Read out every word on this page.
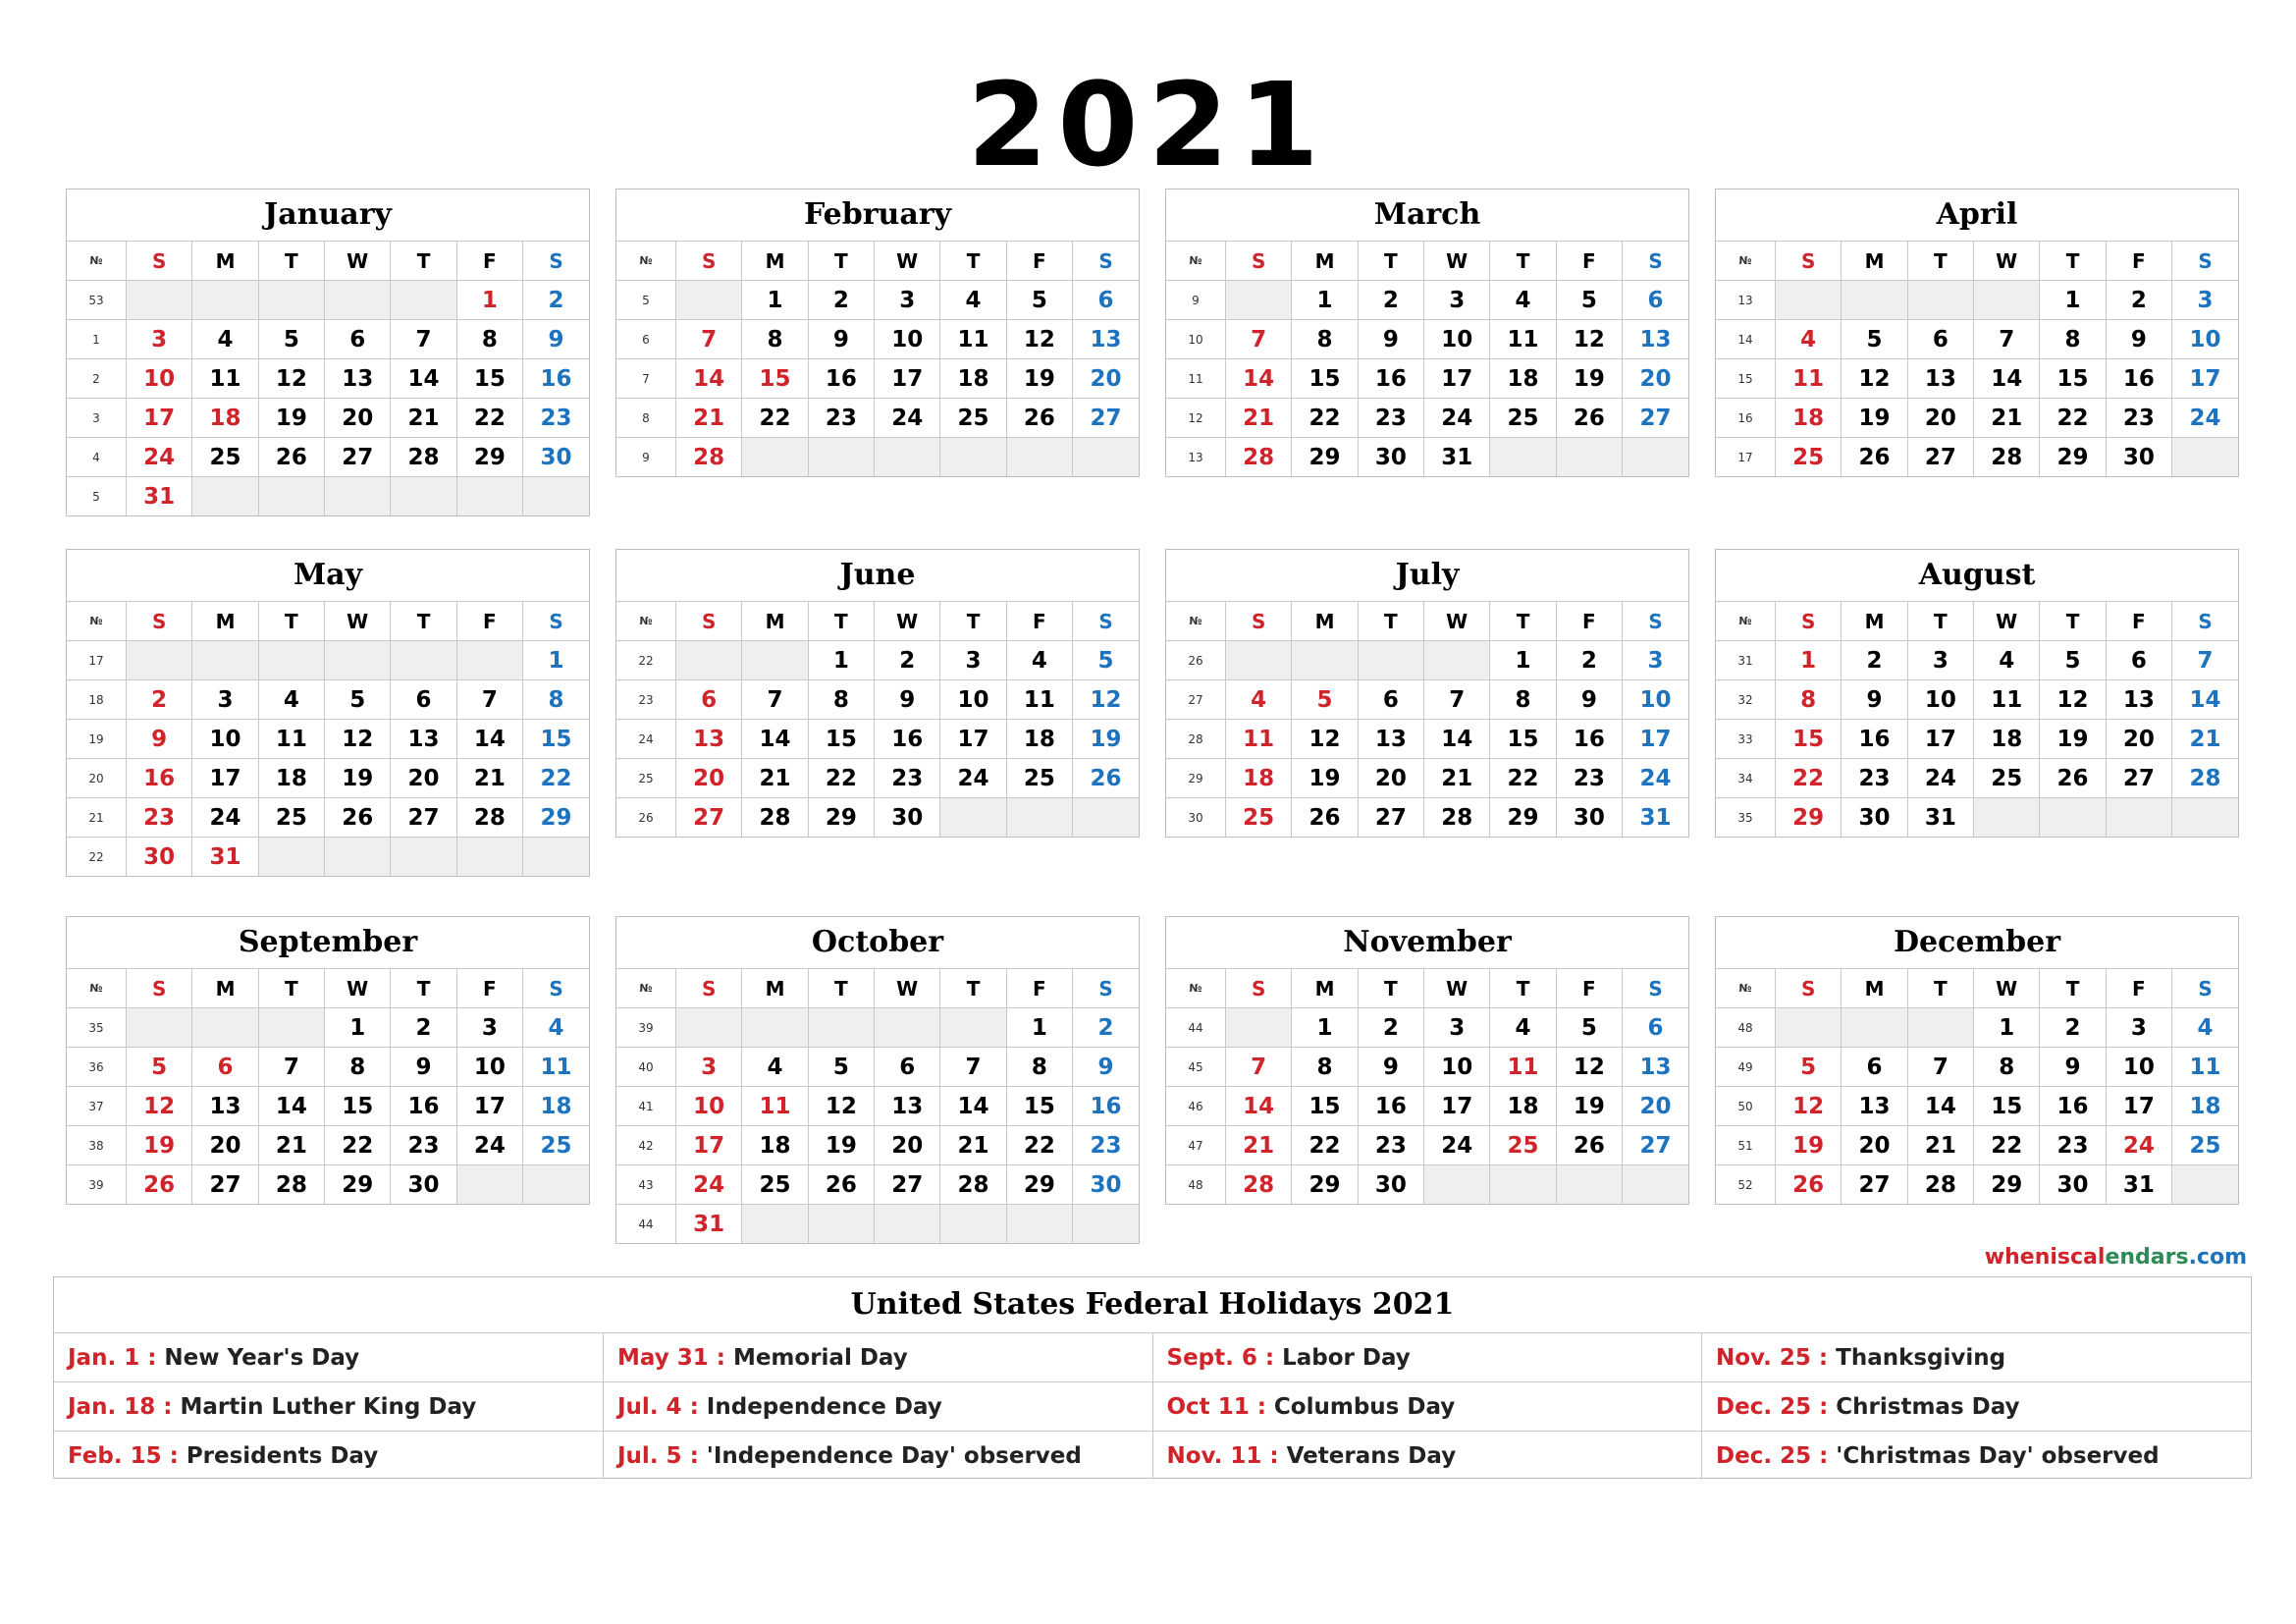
2021
January
№	S	M	T	W	T	F	S
53						1	2
1	3	4	5	6	7	8	9
2	10	11	12	13	14	15	16
3	17	18	19	20	21	22	23
4	24	25	26	27	28	29	30
5	31						
February
№	S	M	T	W	T	F	S
5		1	2	3	4	5	6
6	7	8	9	10	11	12	13
7	14	15	16	17	18	19	20
8	21	22	23	24	25	26	27
9	28						
March
№	S	M	T	W	T	F	S
9		1	2	3	4	5	6
10	7	8	9	10	11	12	13
11	14	15	16	17	18	19	20
12	21	22	23	24	25	26	27
13	28	29	30	31			
April
№	S	M	T	W	T	F	S
13					1	2	3
14	4	5	6	7	8	9	10
15	11	12	13	14	15	16	17
16	18	19	20	21	22	23	24
17	25	26	27	28	29	30	
May
№	S	M	T	W	T	F	S
17							1
18	2	3	4	5	6	7	8
19	9	10	11	12	13	14	15
20	16	17	18	19	20	21	22
21	23	24	25	26	27	28	29
22	30	31					
June
№	S	M	T	W	T	F	S
22			1	2	3	4	5
23	6	7	8	9	10	11	12
24	13	14	15	16	17	18	19
25	20	21	22	23	24	25	26
26	27	28	29	30			
July
№	S	M	T	W	T	F	S
26					1	2	3
27	4	5	6	7	8	9	10
28	11	12	13	14	15	16	17
29	18	19	20	21	22	23	24
30	25	26	27	28	29	30	31
August
№	S	M	T	W	T	F	S
31	1	2	3	4	5	6	7
32	8	9	10	11	12	13	14
33	15	16	17	18	19	20	21
34	22	23	24	25	26	27	28
35	29	30	31				
September
№	S	M	T	W	T	F	S
35				1	2	3	4
36	5	6	7	8	9	10	11
37	12	13	14	15	16	17	18
38	19	20	21	22	23	24	25
39	26	27	28	29	30		
October
№	S	M	T	W	T	F	S
39						1	2
40	3	4	5	6	7	8	9
41	10	11	12	13	14	15	16
42	17	18	19	20	21	22	23
43	24	25	26	27	28	29	30
44	31						
November
№	S	M	T	W	T	F	S
44		1	2	3	4	5	6
45	7	8	9	10	11	12	13
46	14	15	16	17	18	19	20
47	21	22	23	24	25	26	27
48	28	29	30				
December
№	S	M	T	W	T	F	S
48				1	2	3	4
49	5	6	7	8	9	10	11
50	12	13	14	15	16	17	18
51	19	20	21	22	23	24	25
52	26	27	28	29	30	31	
wheniscalendars.com
United States Federal Holidays 2021
Jan. 1 : New Year's Day	May 31 : Memorial Day	Sept. 6 : Labor Day	Nov. 25 : Thanksgiving
Jan. 18 : Martin Luther King Day	Jul. 4 : Independence Day	Oct 11 : Columbus Day	Dec. 25 : Christmas Day
Feb. 15 : Presidents Day	Jul. 5 : 'Independence Day' observed	Nov. 11 : Veterans Day	Dec. 25 : 'Christmas Day' observed
